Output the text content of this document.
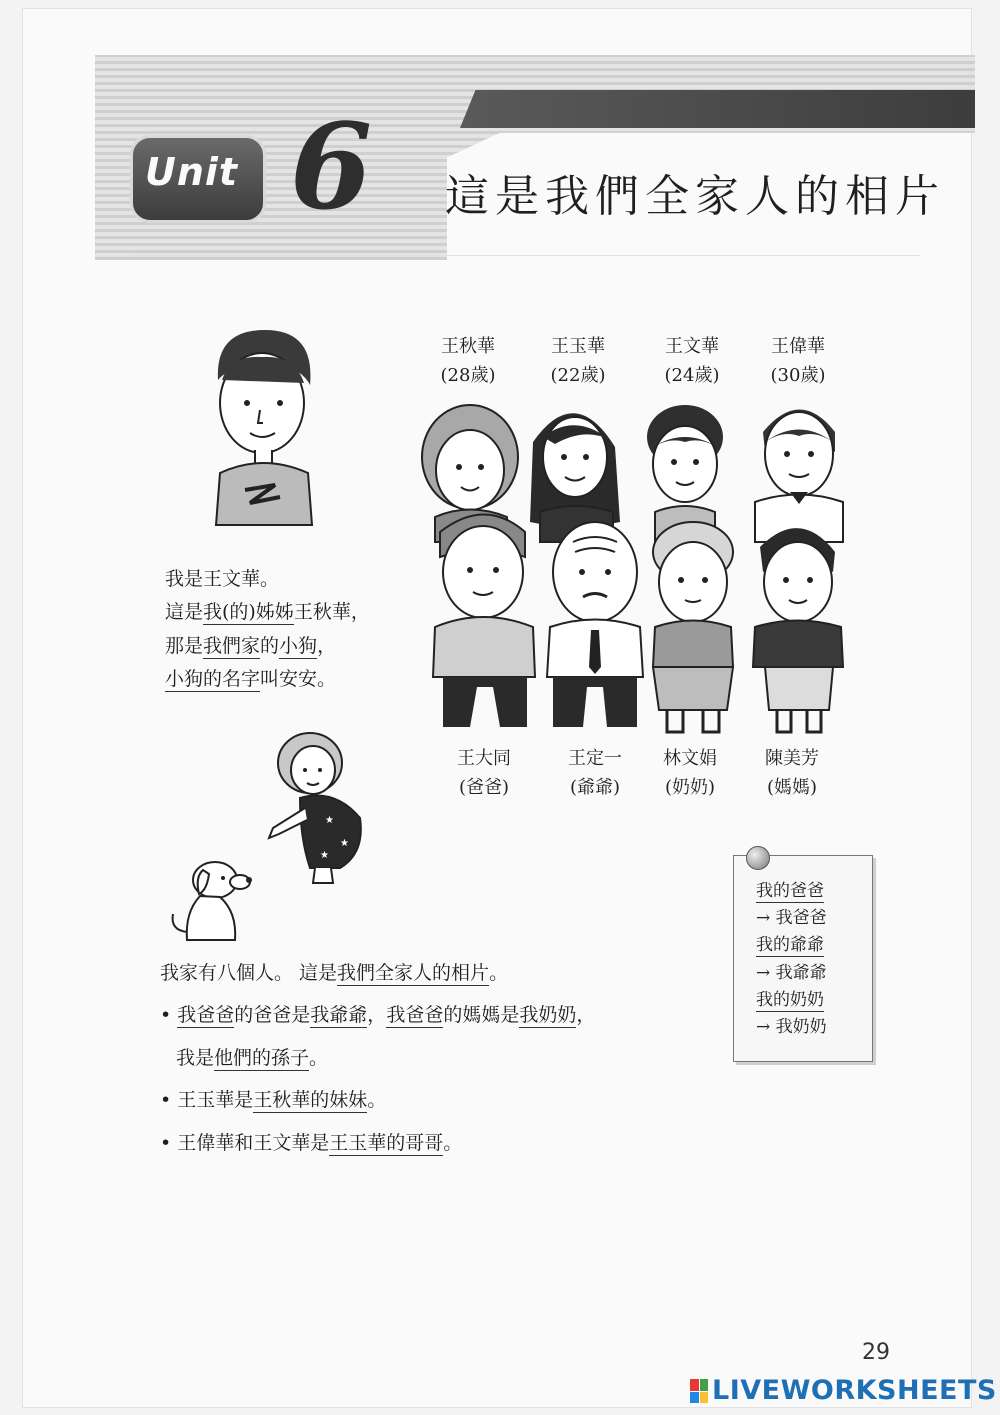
Unit 6 這是我們全家人的相片
王秋華
(28歲)
王玉華
(22歲)
王文華
(24歲)
王偉華
(30歲)
王大同
(爸爸)
王定一
(爺爺)
林文娟
(奶奶)
陳美芳
(媽媽)

我是王文華。

這是我(的)姊姊王秋華，

那是我們家的小狗，

小狗的名字叫安安。

★
★
★
我家有八個人。 這是我們全家人的相片。
• 我爸爸的爸爸是我爺爺，我爸爸的媽媽是我奶奶，
我是他們的孫子。
• 王玉華是王秋華的妹妹。
• 王偉華和王文華是王玉華的哥哥。
我的爸爸
→ 我爸爸
我的爺爺
→ 我爺爺
我的奶奶
→ 我奶奶
29
LIVEWORKSHEETS
